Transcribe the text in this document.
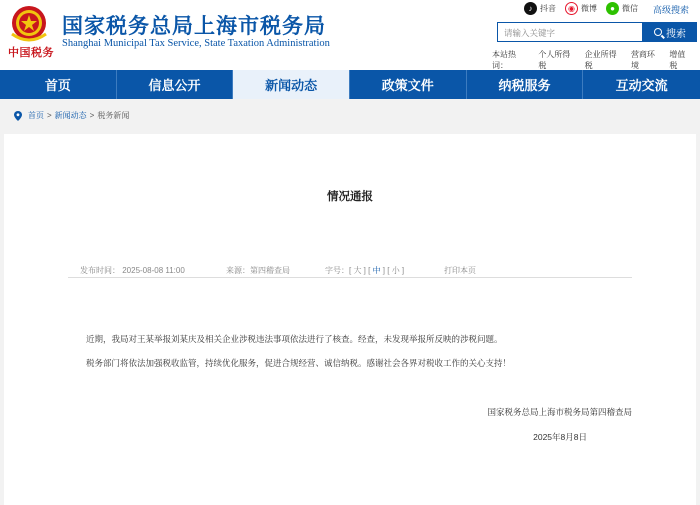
中国税务
国家税务总局上海市税务局
Shanghai Municipal Tax Service, State Taxation Administration
♪ 抖音	◉ 微博	● 微信 高级搜索
请输入关键字	搜索
本站热词：
个人所得税
企业所得税
营商环境
增值税
首页	信息公开	新闻动态	政策文件	纳税服务	互动交流
首页 > 新闻动态 > 税务新闻
情况通报
发布时间： 2025-08-08 11:00	来源：第四稽查局	字号：[ 大 ] [ 中 ] [ 小 ]	打印本页
近期，我局对王某举报刘某庆及相关企业涉税违法事项依法进行了核查。经查，未发现举报所反映的涉税问题。
税务部门将依法加强税收监管，持续优化服务，促进合规经营、诚信纳税。感谢社会各界对税收工作的关心支持！
国家税务总局上海市税务局第四稽查局
2025年8月8日
